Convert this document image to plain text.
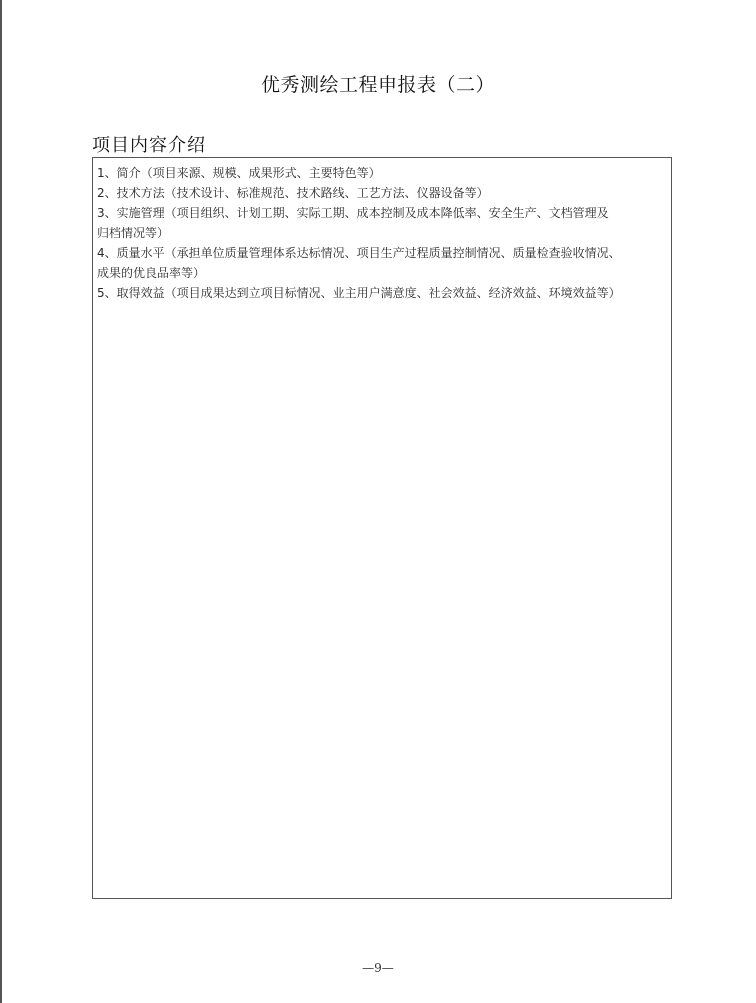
优秀测绘工程申报表（二）
项目内容介绍
1、简介（项目来源、规模、成果形式、主要特色等）
2、技术方法（技术设计、标准规范、技术路线、工艺方法、仪器设备等）
3、实施管理（项目组织、计划工期、实际工期、成本控制及成本降低率、安全生产、文档管理及
归档情况等）
4、质量水平（承担单位质量管理体系达标情况、项目生产过程质量控制情况、质量检查验收情况、
成果的优良品率等）
5、取得效益（项目成果达到立项目标情况、业主用户满意度、社会效益、经济效益、环境效益等）
—9—
